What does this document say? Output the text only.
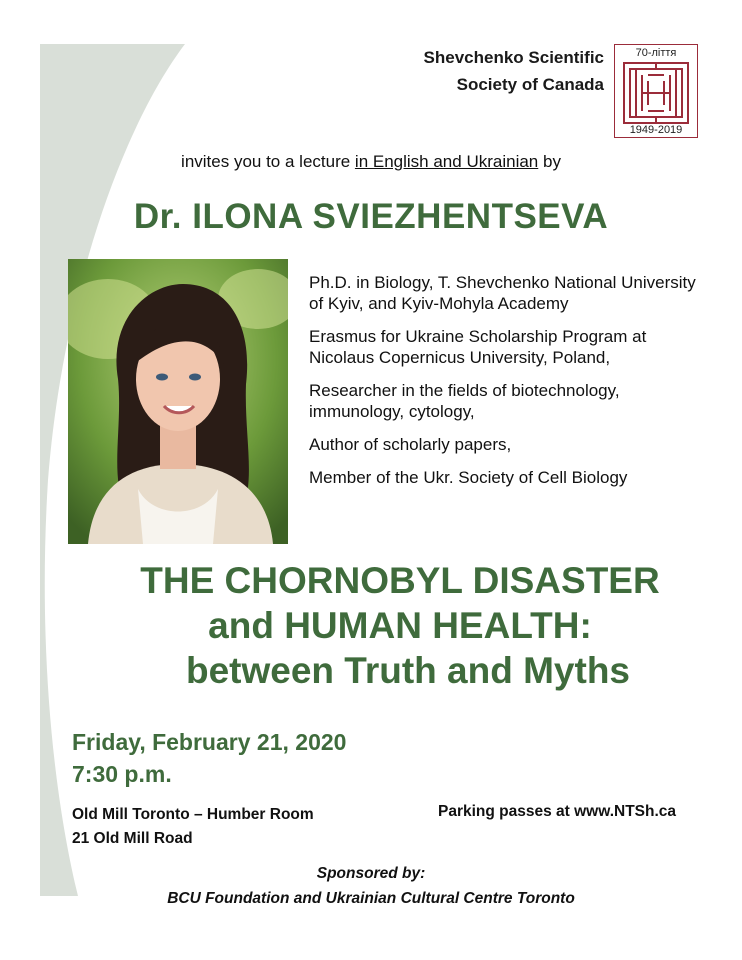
Shevchenko Scientific
Society of Canada
70-ліття
1949-2019
invites you to a lecture in English and Ukrainian by
Dr. ILONA SVIEZHENTSEVA

Ph.D. in Biology, T. Shevchenko National University of Kyiv, and Kyiv-Mohyla Academy

Erasmus for Ukraine Scholarship Program at Nicolaus Copernicus University, Poland,

Researcher in the fields of biotechnology, immunology, cytology,

Author of scholarly papers,

Member of the Ukr. Society of Cell Biology

THE CHORNOBYL DISASTER
and HUMAN HEALTH:
between Truth and Myths
Friday, February 21, 2020
7:30 p.m.
Old Mill Toronto – Humber Room
21 Old Mill Road
Parking passes at www.NTSh.ca
Sponsored by:
BCU Foundation and Ukrainian Cultural Centre Toronto
